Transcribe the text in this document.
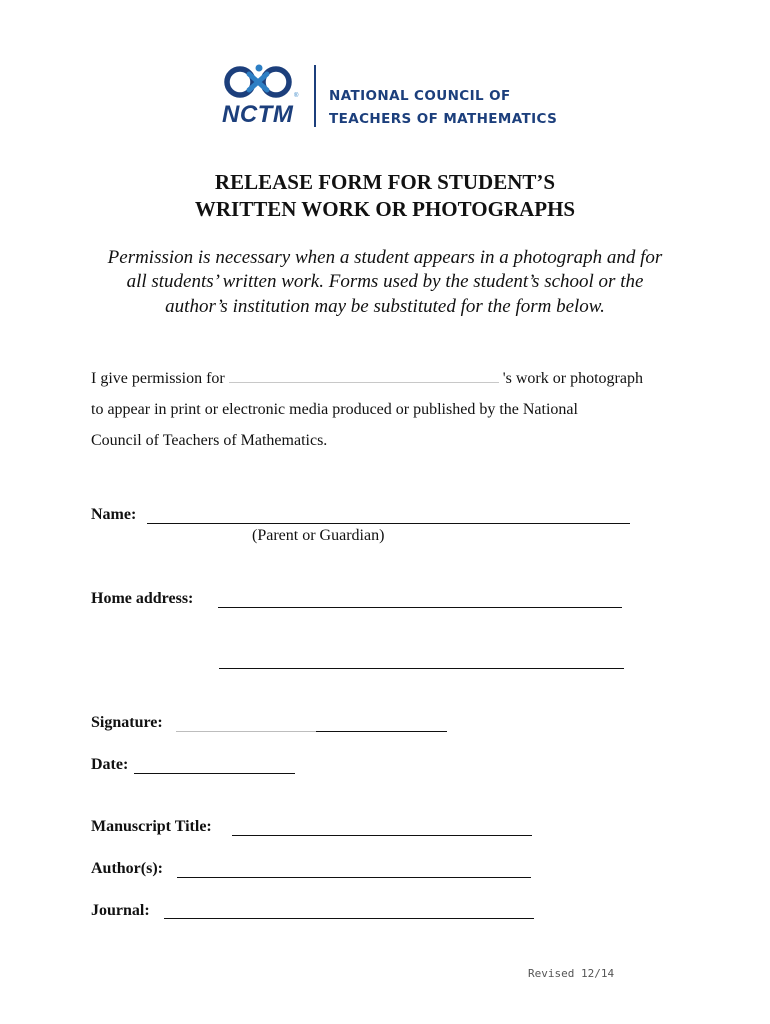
NCTM
® NATIONAL COUNCIL OF
TEACHERS OF MATHEMATICS
RELEASE FORM FOR STUDENT’S
WRITTEN WORK OR PHOTOGRAPHS
Permission is necessary when a student appears in a photograph and for
all students’ written work. Forms used by the student’s school or the
author’s institution may be substituted for the form below.
I give permission for	's work or photograph
to appear in print or electronic media produced or published by the National
Council of Teachers of Mathematics.
Name:
(Parent or Guardian)
Home address:
Signature:
Date:
Manuscript Title:
Author(s):
Journal:
Revised 12/14
